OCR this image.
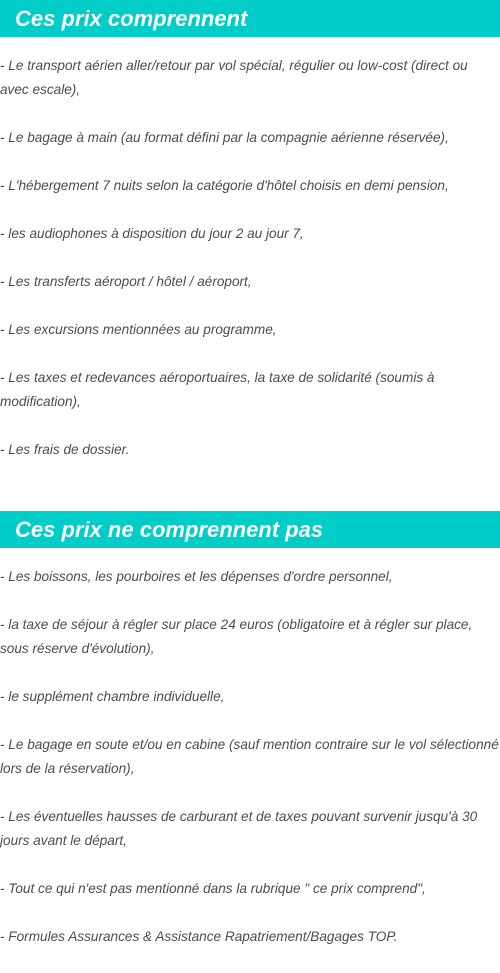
Ces prix comprennent
- Le transport aérien aller/retour par vol spécial, régulier ou low-cost (direct ou avec escale),
- Le bagage à main (au format défini par la compagnie aérienne réservée),
- L'hébergement 7 nuits selon la catégorie d'hôtel choisis en demi pension,
- les audiophones à disposition du jour 2 au jour 7,
- Les transferts aéroport / hôtel / aéroport,
- Les excursions mentionnées au programme,
- Les taxes et redevances aéroportuaires, la taxe de solidarité (soumis à modification),
- Les frais de dossier.
Ces prix ne comprennent pas
- Les boissons, les pourboires et les dépenses d'ordre personnel,
- la taxe de séjour à régler sur place 24 euros (obligatoire et à régler sur place, sous réserve d'évolution),
- le supplément chambre individuelle,
- Le bagage en soute et/ou en cabine (sauf mention contraire sur le vol sélectionné lors de la réservation),
- Les éventuelles hausses de carburant et de taxes pouvant survenir jusqu'à 30 jours avant le départ,
- Tout ce qui n'est pas mentionné dans la rubrique " ce prix comprend",
- Formules Assurances & Assistance Rapatriement/Bagages TOP.
